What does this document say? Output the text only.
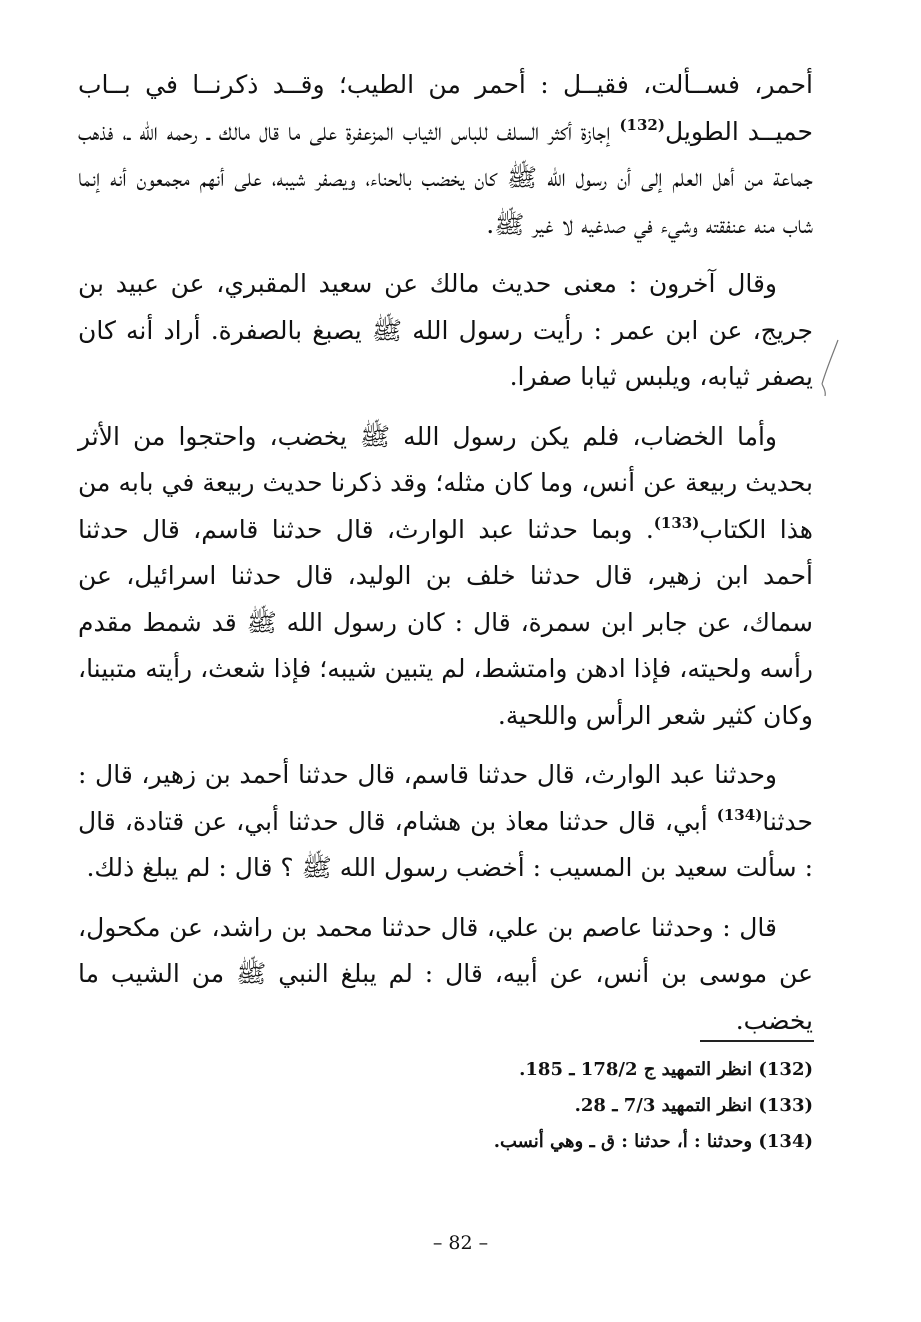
أحمر، فســألت، فقيــل : أحمر من الطيب؛ وقــد ذكرنــا في بــاب حميــد الطويل$^{(132)}$ إجازة أكثر السلف للباس الثياب المزعفرة على ما قال مالك ـ رحمه الله ـ، فذهب جماعة من أهل العلم إلى أن رسول الله ﷺ كان يخضب بالحناء، ويصفر شيبه، على أنهم مجمعون أنه إنما شاب منه عنفقته وشيء في صدغيه لا غير ﷺ.

وقال آخرون : معنى حديث مالك عن سعيد المقبري، عن عبيد بن جريج، عن ابن عمر : رأيت رسول الله ﷺ يصبغ بالصفرة. أراد أنه كان يصفر ثيابه، ويلبس ثيابا صفرا.

وأما الخضاب، فلم يكن رسول الله ﷺ يخضب، واحتجوا من الأثر بحديث ربيعة عن أنس، وما كان مثله؛ وقد ذكرنا حديث ربيعة في بابه من هذا الكتاب$^{(133)}$. وبما حدثنا عبد الوارث، قال حدثنا قاسم، قال حدثنا أحمد ابن زهير، قال حدثنا خلف بن الوليد، قال حدثنا اسرائيل، عن سماك، عن جابر ابن سمرة، قال : كان رسول الله ﷺ قد شمط مقدم رأسه ولحيته، فإذا ادهن وامتشط، لم يتبين شيبه؛ فإذا شعث، رأيته متبينا، وكان كثير شعر الرأس واللحية.

وحدثنا عبد الوارث، قال حدثنا قاسم، قال حدثنا أحمد بن زهير، قال : حدثنا$^{(134)}$ أبي، قال حدثنا معاذ بن هشام، قال حدثنا أبي، عن قتادة، قال : سألت سعيد بن المسيب : أخضب رسول الله ﷺ ؟ قال : لم يبلغ ذلك.

قال : وحدثنا عاصم بن علي، قال حدثنا محمد بن راشد، عن مكحول، عن موسى بن أنس، عن أبيه، قال : لم يبلغ النبي ﷺ من الشيب ما يخضب.

(132) انظر التمهيد ج 178/2 ـ 185.

(133) انظر التمهيد 7/3 ـ 28.

(134) وحدثنا : أ، حدثنا : ق ـ وهي أنسب.

– 82 –
